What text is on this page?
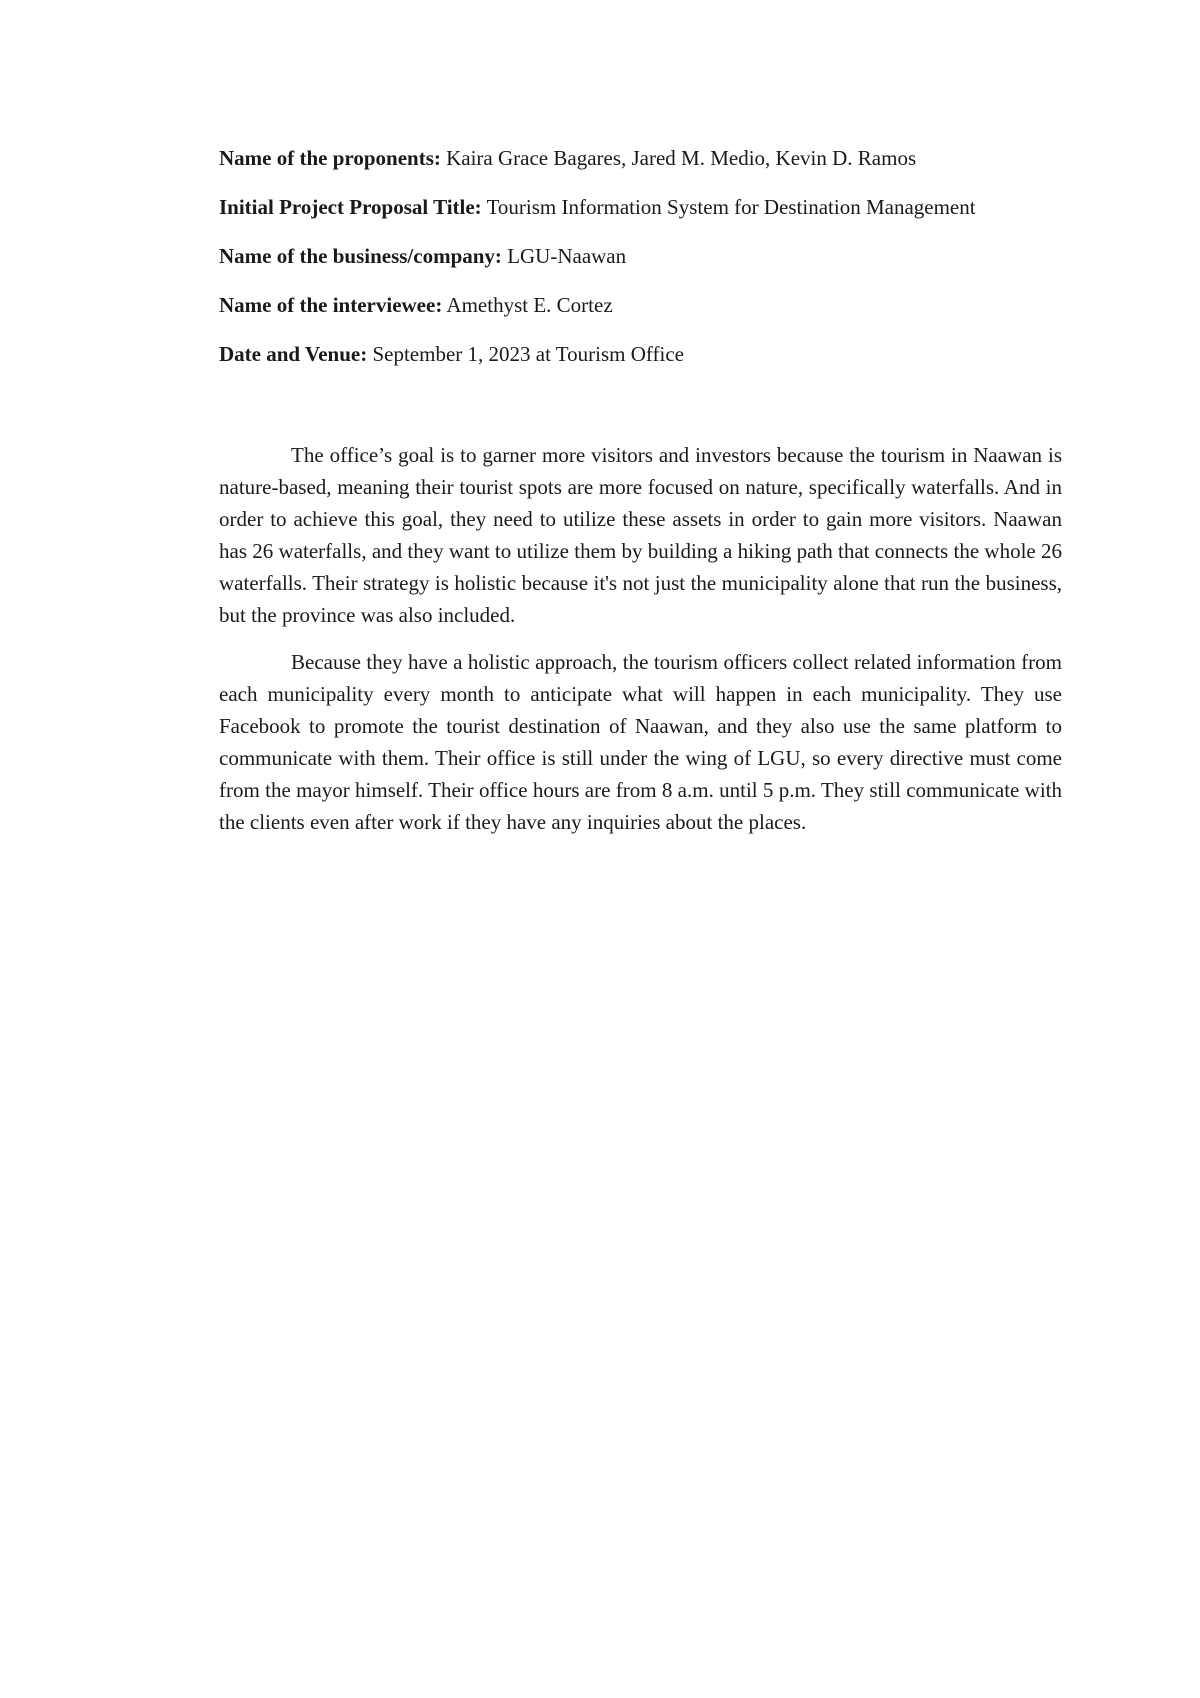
Name of the proponents: Kaira Grace Bagares, Jared M. Medio, Kevin D. Ramos

Initial Project Proposal Title: Tourism Information System for Destination Management

Name of the business/company: LGU-Naawan

Name of the interviewee: Amethyst E. Cortez

Date and Venue: September 1, 2023 at Tourism Office

The office’s goal is to garner more visitors and investors because the tourism in Naawan is nature-based, meaning their tourist spots are more focused on nature, specifically waterfalls. And in order to achieve this goal, they need to utilize these assets in order to gain more visitors. Naawan has 26 waterfalls, and they want to utilize them by building a hiking path that connects the whole 26 waterfalls. Their strategy is holistic because it's not just the municipality alone that run the business, but the province was also included.

Because they have a holistic approach, the tourism officers collect related information from each municipality every month to anticipate what will happen in each municipality. They use Facebook to promote the tourist destination of Naawan, and they also use the same platform to communicate with them. Their office is still under the wing of LGU, so every directive must come from the mayor himself. Their office hours are from 8 a.m. until 5 p.m. They still communicate with the clients even after work if they have any inquiries about the places.
